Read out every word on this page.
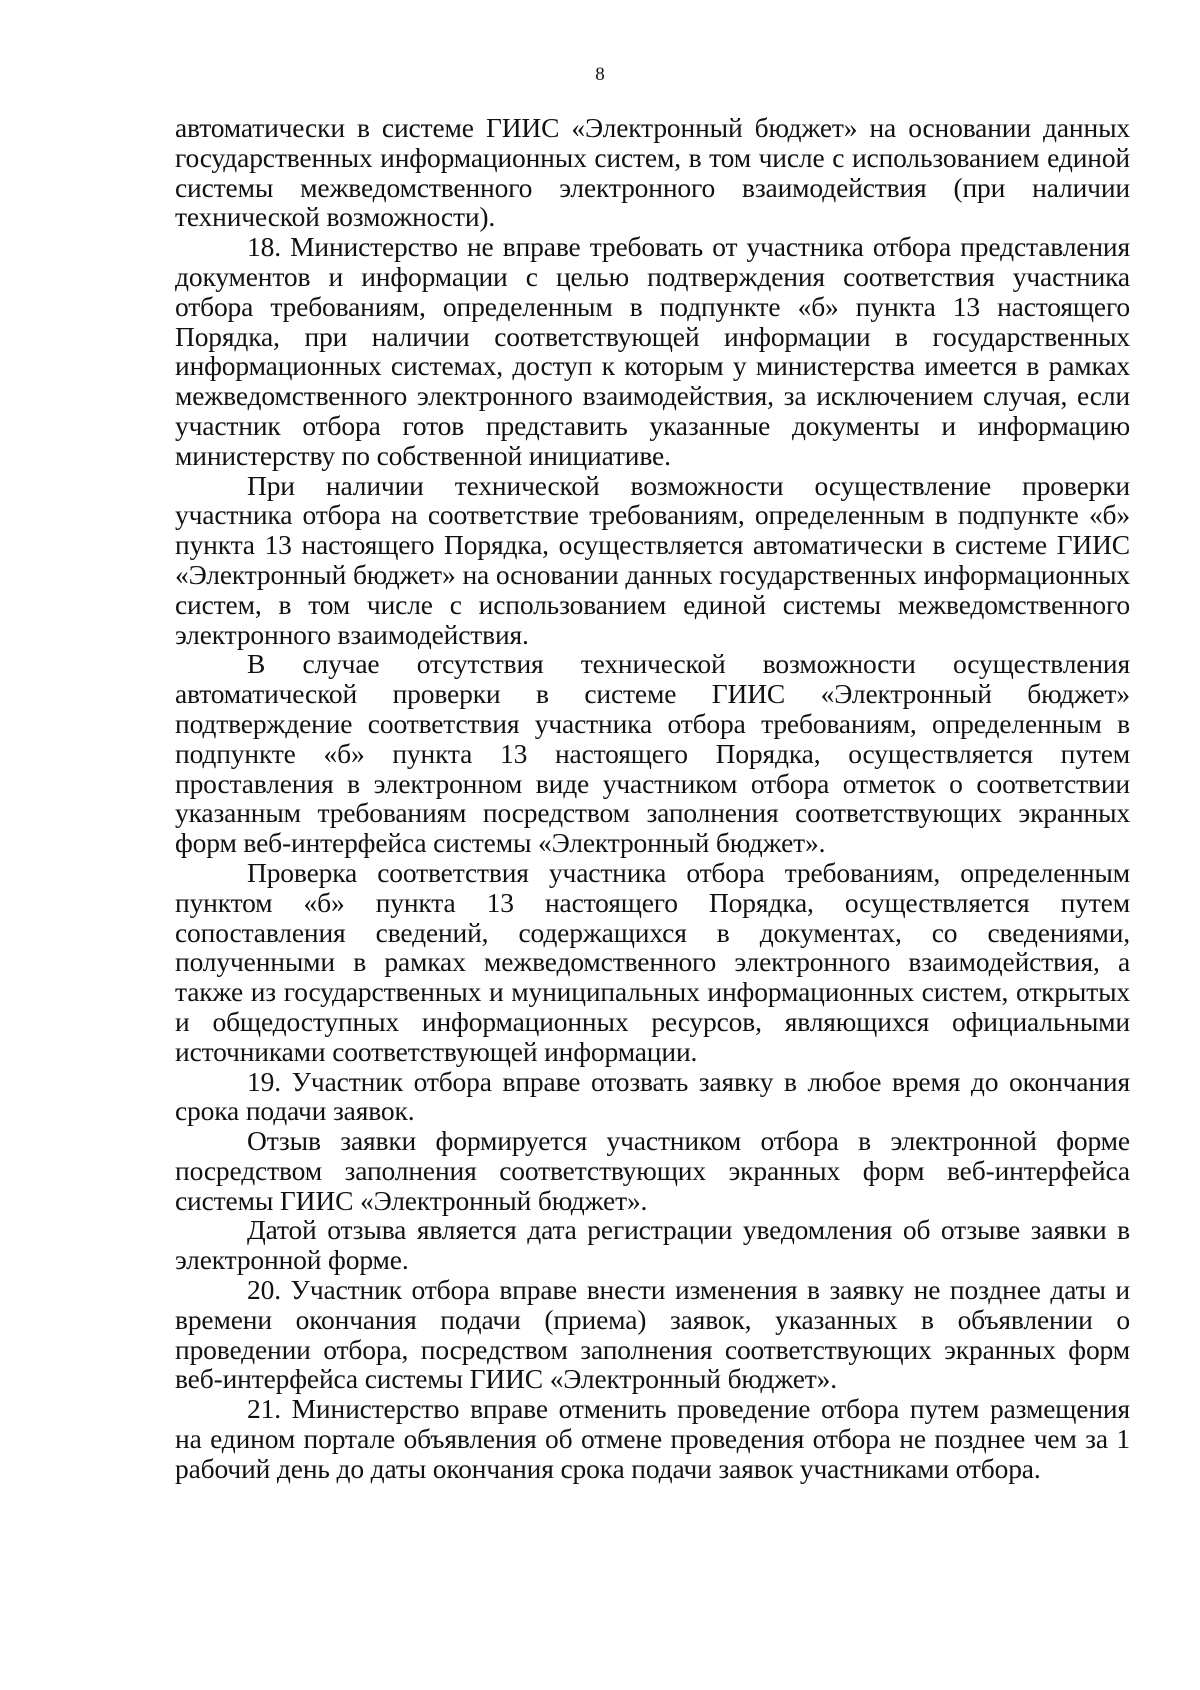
8

автоматически в системе ГИИС «Электронный бюджет» на основании данных государственных информационных систем, в том числе с использованием единой системы межведомственного электронного взаимодействия (при наличии технической возможности).

18. Министерство не вправе требовать от участника отбора представления документов и информации с целью подтверждения соответствия участника отбора требованиям, определенным в подпункте «б» пункта 13 настоящего Порядка, при наличии соответствующей информации в государственных информационных системах, доступ к которым у министерства имеется в рамках межведомственного электронного взаимодействия, за исключением случая, если участник отбора готов представить указанные документы и информацию министерству по собственной инициативе.

При наличии технической возможности осуществление проверки участника отбора на соответствие требованиям, определенным в подпункте «б» пункта 13 настоящего Порядка, осуществляется автоматически в системе ГИИС «Электронный бюджет» на основании данных государственных информационных систем, в том числе с использованием единой системы межведомственного электронного взаимодействия.

В случае отсутствия технической возможности осуществления автоматической проверки в системе ГИИС «Электронный бюджет» подтверждение соответствия участника отбора требованиям, определенным в подпункте «б» пункта 13 настоящего Порядка, осуществляется путем проставления в электронном виде участником отбора отметок о соответствии указанным требованиям посредством заполнения соответствующих экранных форм веб-интерфейса системы «Электронный бюджет».

Проверка соответствия участника отбора требованиям, определенным пунктом «б» пункта 13 настоящего Порядка, осуществляется путем сопоставления сведений, содержащихся в документах, со сведениями, полученными в рамках межведомственного электронного взаимодействия, а также из государственных и муниципальных информационных систем, открытых и общедоступных информационных ресурсов, являющихся официальными источниками соответствующей информации.

19. Участник отбора вправе отозвать заявку в любое время до окончания срока подачи заявок.

Отзыв заявки формируется участником отбора в электронной форме посредством заполнения соответствующих экранных форм веб-интерфейса системы ГИИС «Электронный бюджет».

Датой отзыва является дата регистрации уведомления об отзыве заявки в электронной форме.

20. Участник отбора вправе внести изменения в заявку не позднее даты и времени окончания подачи (приема) заявок, указанных в объявлении о проведении отбора, посредством заполнения соответствующих экранных форм веб-интерфейса системы ГИИС «Электронный бюджет».

21. Министерство вправе отменить проведение отбора путем размещения на едином портале объявления об отмене проведения отбора не позднее чем за 1 рабочий день до даты окончания срока подачи заявок участниками отбора.
